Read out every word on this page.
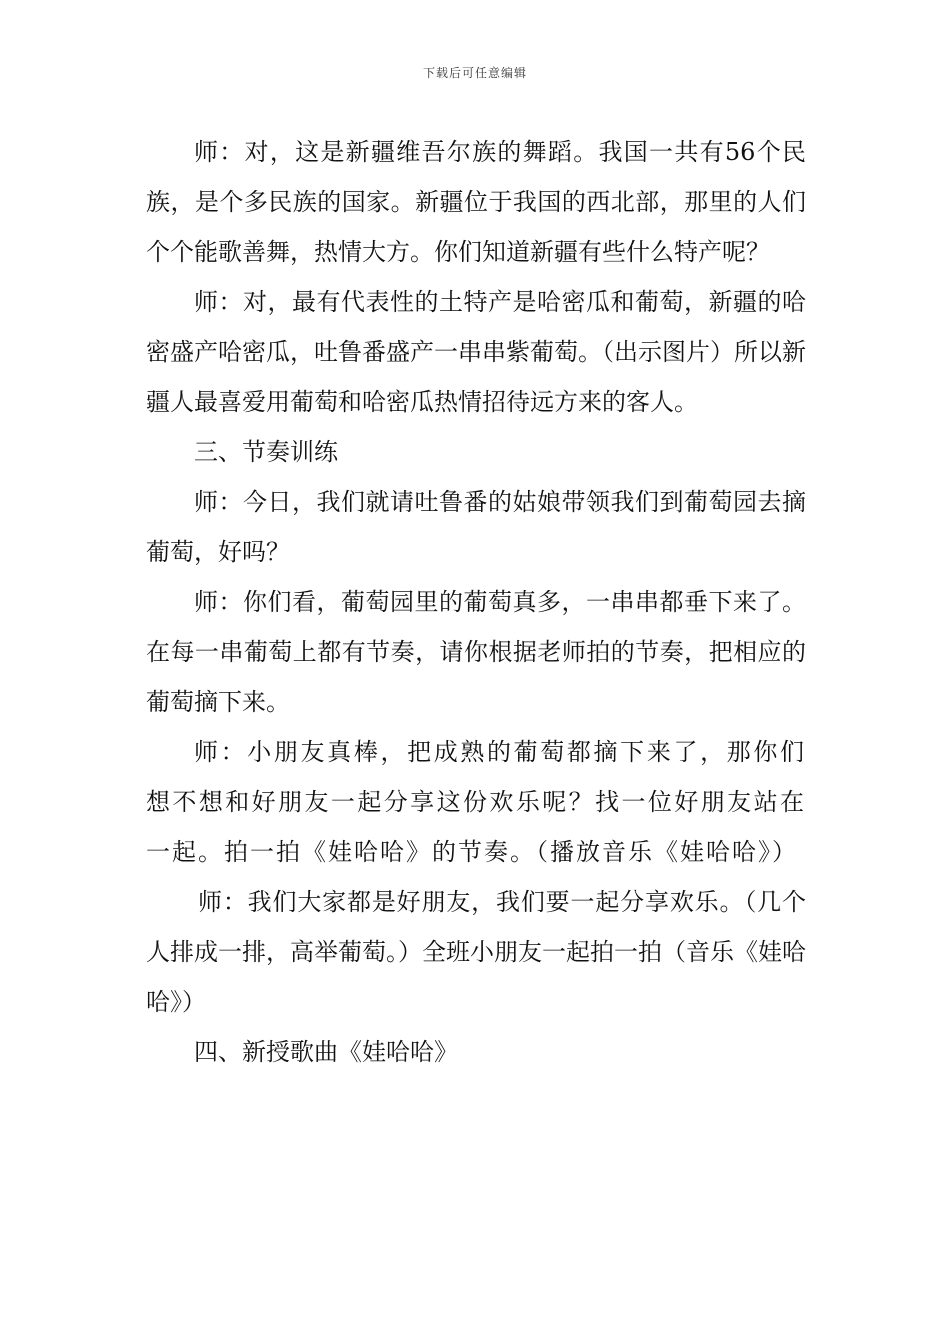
下载后可任意编辑

师：对，这是新疆维吾尔族的舞蹈。我国一共有56个民族，是个多民族的国家。新疆位于我国的西北部，那里的人们个个能歌善舞，热情大方。你们知道新疆有些什么特产呢？

师：对，最有代表性的土特产是哈密瓜和葡萄，新疆的哈密盛产哈密瓜，吐鲁番盛产一串串紫葡萄。（出示图片）所以新疆人最喜爱用葡萄和哈密瓜热情招待远方来的客人。

三、节奏训练

师：今日，我们就请吐鲁番的姑娘带领我们到葡萄园去摘葡萄，好吗？

师：你们看，葡萄园里的葡萄真多，一串串都垂下来了。在每一串葡萄上都有节奏，请你根据老师拍的节奏，把相应的葡萄摘下来。

师：小朋友真棒，把成熟的葡萄都摘下来了，那你们想不想和好朋友一起分享这份欢乐呢？找一位好朋友站在一起。拍一拍《娃哈哈》的节奏。（播放音乐《娃哈哈》）

师：我们大家都是好朋友，我们要一起分享欢乐。（几个人排成一排，高举葡萄。）全班小朋友一起拍一拍（音乐《娃哈哈》）

四、新授歌曲《娃哈哈》
